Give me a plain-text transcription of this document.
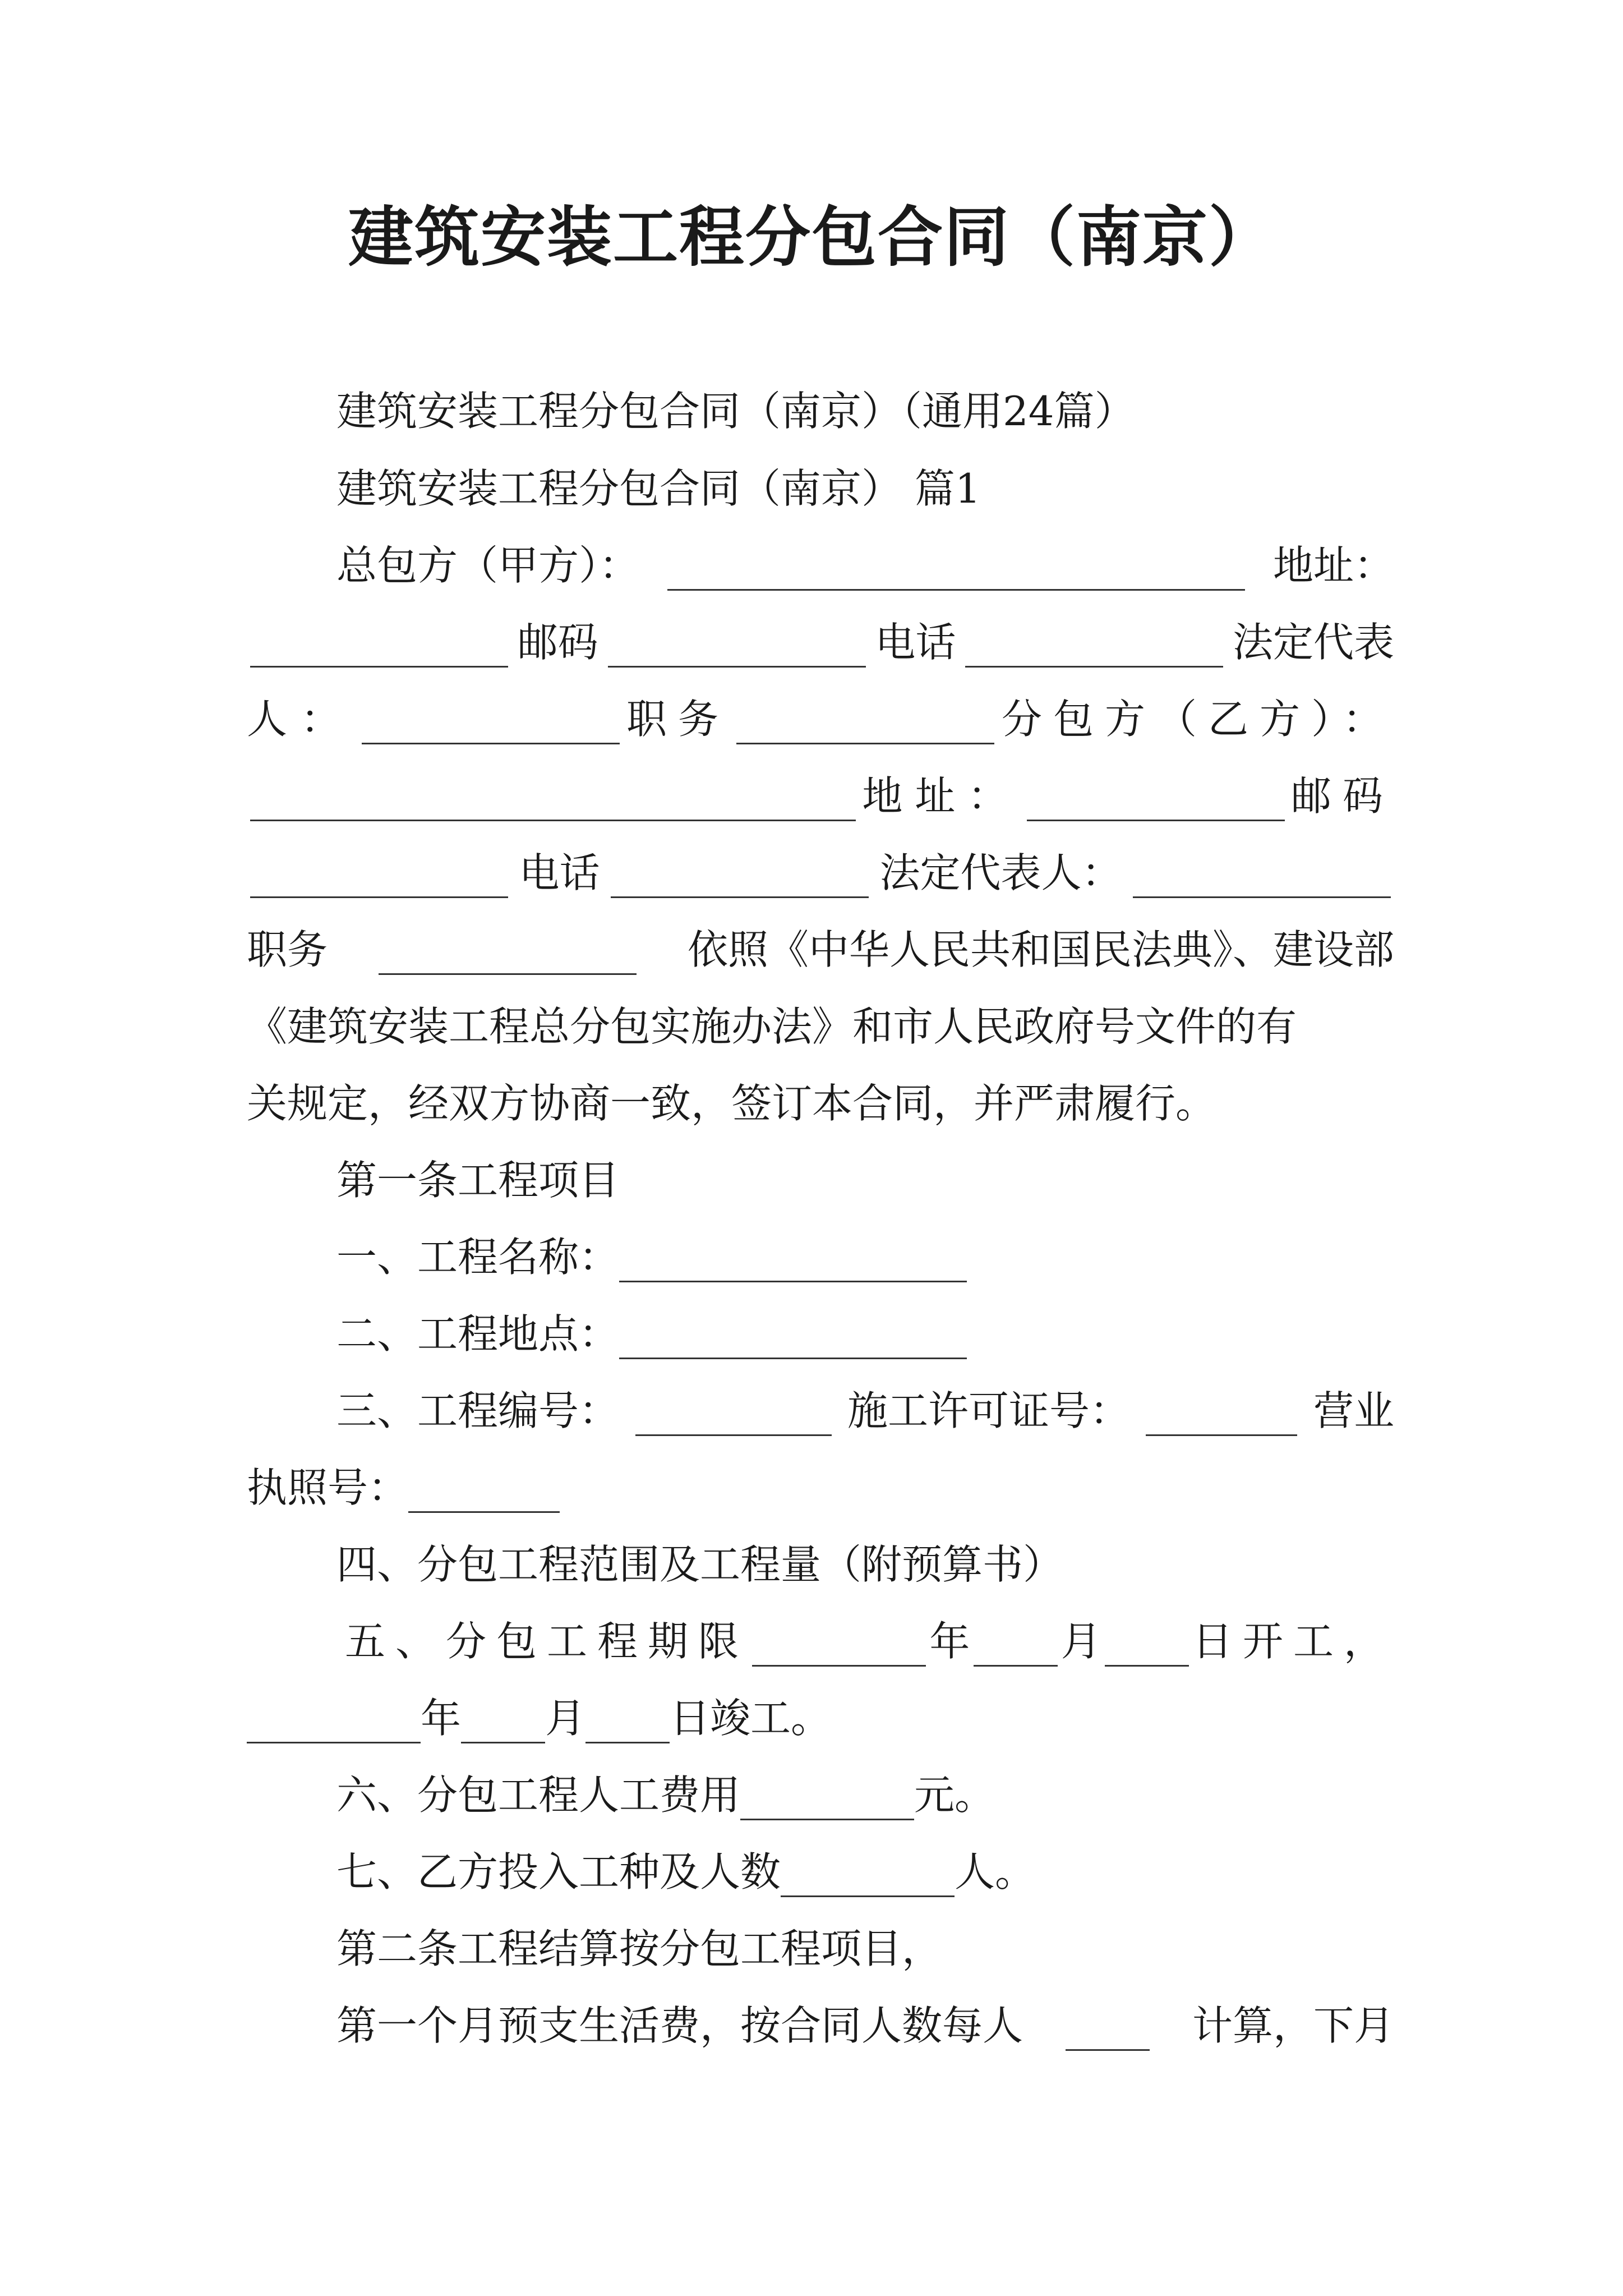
建筑安装工程分包合同（南京）

建筑安装工程分包合同（南京）（通用24篇）

建筑安装工程分包合同（南京） 篇1

总包方（甲方）：	地址：

邮码	电话	法定代表

人：	职务	分包方（乙方）：

地址：	邮码

电话	法定代表人：

职务	依照《中华人民共和国民法典》、建设部

《建筑安装工程总分包实施办法》和市人民政府号文件的有

关规定，经双方协商一致，签订本合同，并严肃履行。

第一条工程项目

一、工程名称：

二、工程地点：

三、工程编号：	施工许可证号：	营业

执照号：

四、分包工程范围及工程量（附预算书）

五、分包工程期限	年 月 日开工，

年 月 日竣工。

六、分包工程人工费用	元。

七、乙方投入工种及人数	人。

第二条工程结算按分包工程项目，

第一个月预支生活费，按合同人数每人	计算，下月
